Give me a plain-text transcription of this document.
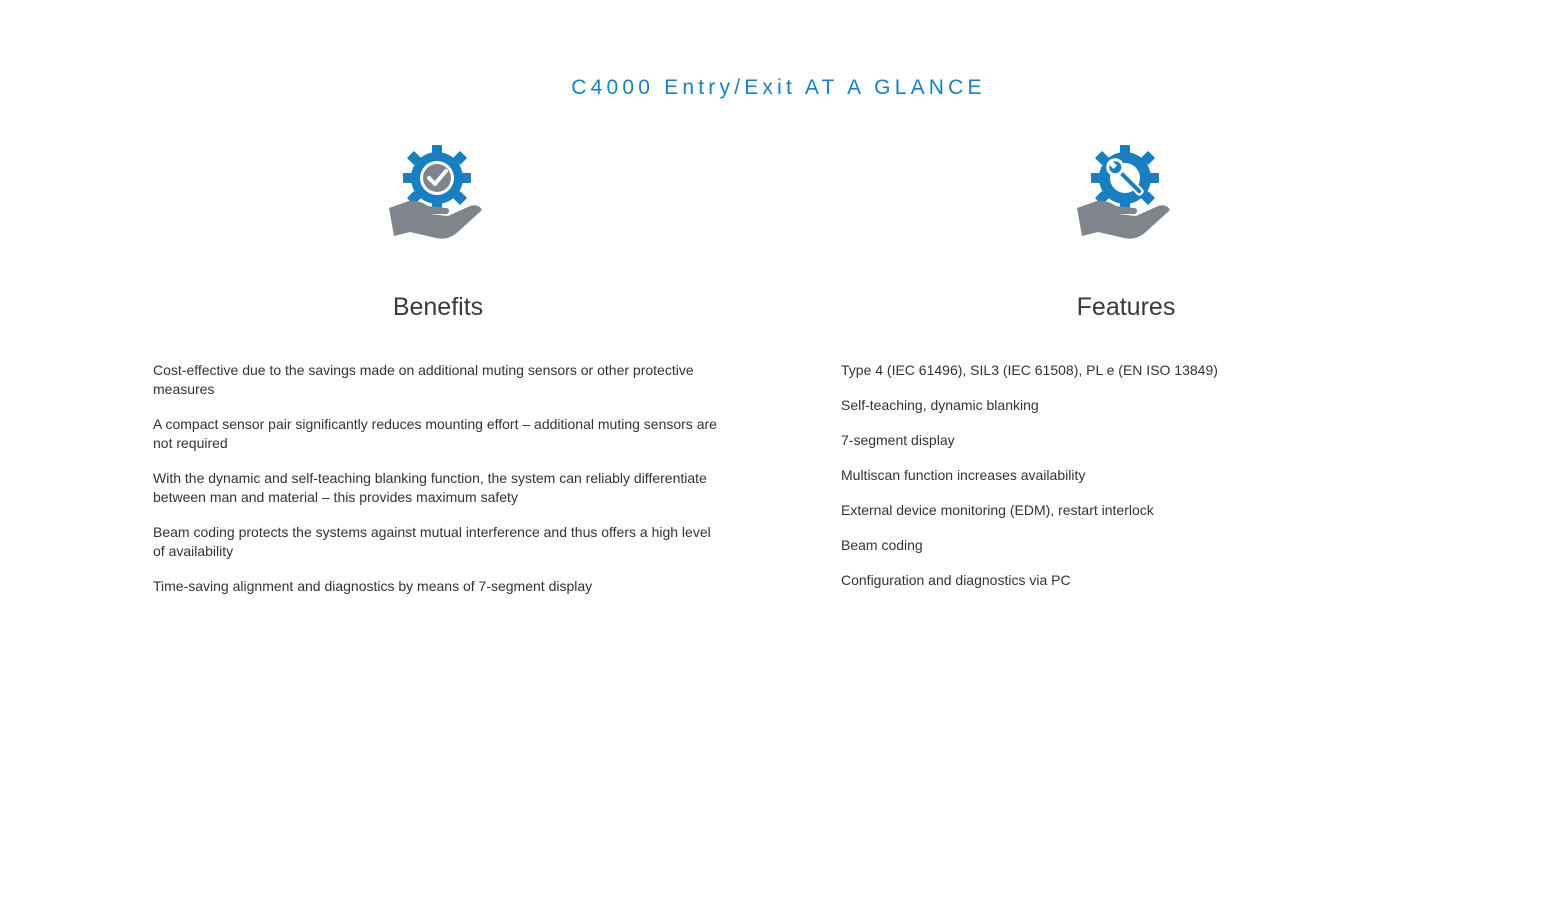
C4000 Entry/Exit AT A GLANCE
Benefits
Cost-effective due to the savings made on additional muting sensors or other protective measures
A compact sensor pair significantly reduces mounting effort – additional muting sensors are not required
With the dynamic and self-teaching blanking function, the system can reliably differentiate between man and material – this provides maximum safety
Beam coding protects the systems against mutual interference and thus offers a high level of availability
Time-saving alignment and diagnostics by means of 7-segment display
Features
Type 4 (IEC 61496), SIL3 (IEC 61508), PL e (EN ISO 13849)
Self-teaching, dynamic blanking
7-segment display
Multiscan function increases availability
External device monitoring (EDM), restart interlock
Beam coding
Configuration and diagnostics via PC
